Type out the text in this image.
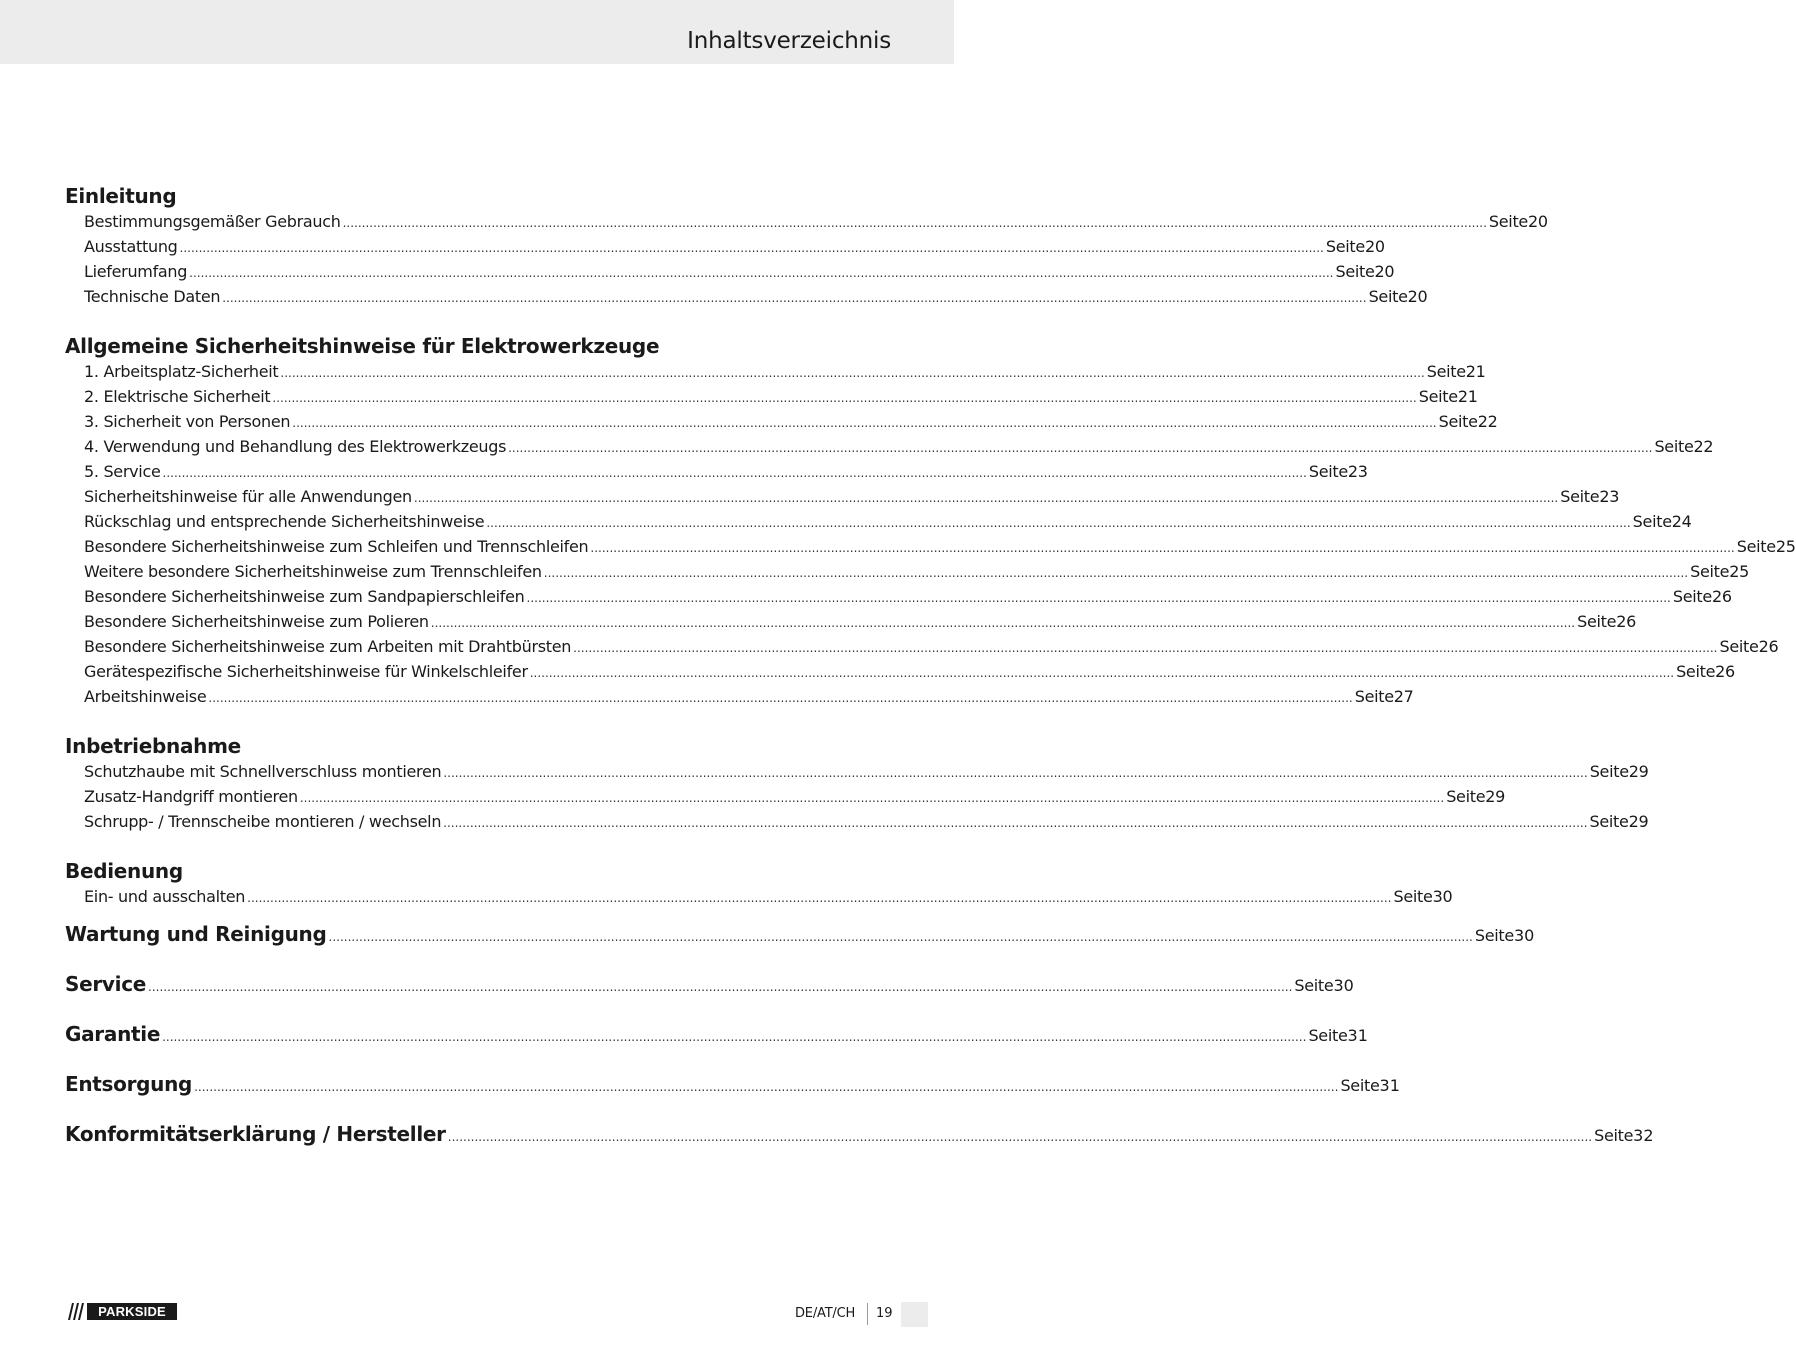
Inhaltsverzeichnis
Einleitung
Bestimmungsgemäßer Gebrauch ............................................................................................................................................................................................................................................................................................................ Seite 20
Ausstattung ............................................................................................................................................................................................................................................................................................................ Seite 20
Lieferumfang ............................................................................................................................................................................................................................................................................................................ Seite 20
Technische Daten ............................................................................................................................................................................................................................................................................................................ Seite 20
Allgemeine Sicherheitshinweise für Elektrowerkzeuge
1. Arbeitsplatz-Sicherheit ............................................................................................................................................................................................................................................................................................................ Seite 21
2. Elektrische Sicherheit ............................................................................................................................................................................................................................................................................................................ Seite 21
3. Sicherheit von Personen ............................................................................................................................................................................................................................................................................................................ Seite 22
4. Verwendung und Behandlung des Elektrowerkzeugs ............................................................................................................................................................................................................................................................................................................ Seite 22
5. Service ............................................................................................................................................................................................................................................................................................................ Seite 23
Sicherheitshinweise für alle Anwendungen ............................................................................................................................................................................................................................................................................................................ Seite 23
Rückschlag und entsprechende Sicherheitshinweise ............................................................................................................................................................................................................................................................................................................ Seite 24
Besondere Sicherheitshinweise zum Schleifen und Trennschleifen ............................................................................................................................................................................................................................................................................................................ Seite 25
Weitere besondere Sicherheitshinweise zum Trennschleifen ............................................................................................................................................................................................................................................................................................................ Seite 25
Besondere Sicherheitshinweise zum Sandpapierschleifen ............................................................................................................................................................................................................................................................................................................ Seite 26
Besondere Sicherheitshinweise zum Polieren ............................................................................................................................................................................................................................................................................................................ Seite 26
Besondere Sicherheitshinweise zum Arbeiten mit Drahtbürsten ............................................................................................................................................................................................................................................................................................................ Seite 26
Gerätespezifische Sicherheitshinweise für Winkelschleifer ............................................................................................................................................................................................................................................................................................................ Seite 26
Arbeitshinweise ............................................................................................................................................................................................................................................................................................................ Seite 27
Inbetriebnahme
Schutzhaube mit Schnellverschluss montieren ............................................................................................................................................................................................................................................................................................................ Seite 29
Zusatz-Handgriff montieren ............................................................................................................................................................................................................................................................................................................ Seite 29
Schrupp- / Trennscheibe montieren / wechseln ............................................................................................................................................................................................................................................................................................................ Seite 29
Bedienung
Ein- und ausschalten ............................................................................................................................................................................................................................................................................................................ Seite 30
Wartung und Reinigung ............................................................................................................................................................................................................................................................................................................ Seite 30
Service ............................................................................................................................................................................................................................................................................................................ Seite 30
Garantie ............................................................................................................................................................................................................................................................................................................ Seite 31
Entsorgung ............................................................................................................................................................................................................................................................................................................ Seite 31
Konformitätserklärung / Hersteller ............................................................................................................................................................................................................................................................................................................ Seite 32
PARKSIDE	DE/AT/CH 19
